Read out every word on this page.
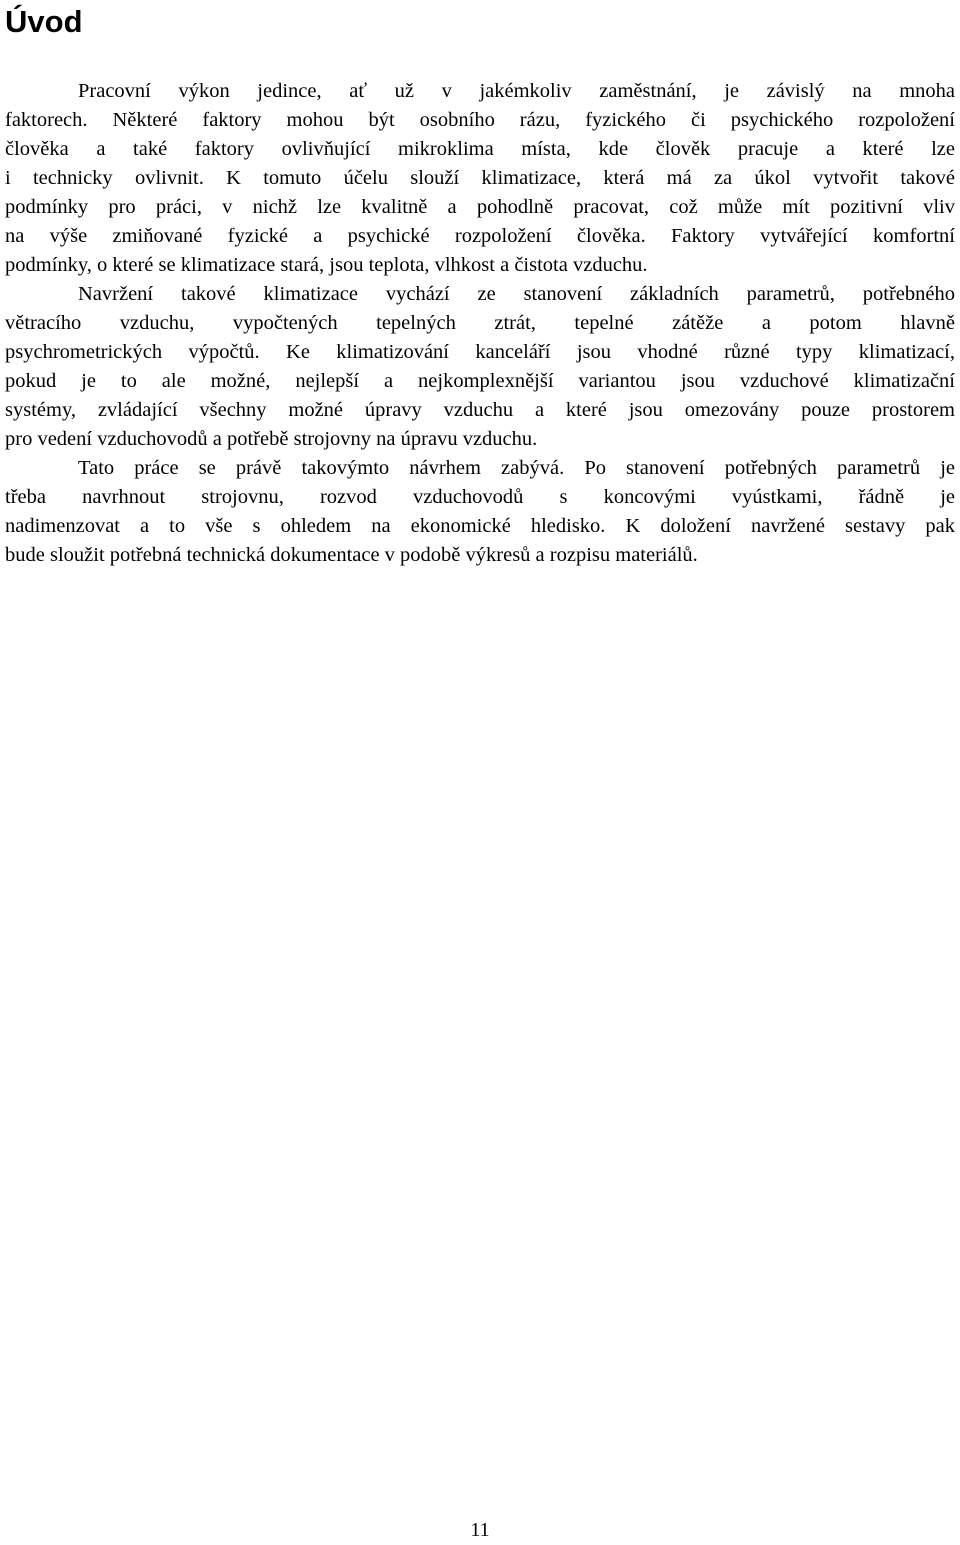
Úvod
Pracovní výkon jedince, ať už v jakémkoliv zaměstnání, je závislý na mnoha
faktorech. Některé faktory mohou být osobního rázu, fyzického či psychického rozpoložení
člověka a také faktory ovlivňující mikroklima místa, kde člověk pracuje a které lze
i technicky ovlivnit. K tomuto účelu slouží klimatizace, která má za úkol vytvořit takové
podmínky pro práci, v nichž lze kvalitně a pohodlně pracovat, což může mít pozitivní vliv
na výše zmiňované fyzické a psychické rozpoložení člověka. Faktory vytvářející komfortní
podmínky, o které se klimatizace stará, jsou teplota, vlhkost a čistota vzduchu.
Navržení takové klimatizace vychází ze stanovení základních parametrů, potřebného
větracího vzduchu, vypočtených tepelných ztrát, tepelné zátěže a potom hlavně
psychrometrických výpočtů. Ke klimatizování kanceláří jsou vhodné různé typy klimatizací,
pokud je to ale možné, nejlepší a nejkomplexnější variantou jsou vzduchové klimatizační
systémy, zvládající všechny možné úpravy vzduchu a které jsou omezovány pouze prostorem
pro vedení vzduchovodů a potřebě strojovny na úpravu vzduchu.
Tato práce se právě takovýmto návrhem zabývá. Po stanovení potřebných parametrů je
třeba navrhnout strojovnu, rozvod vzduchovodů s koncovými vyústkami, řádně je
nadimenzovat a to vše s ohledem na ekonomické hledisko. K doložení navržené sestavy pak
bude sloužit potřebná technická dokumentace v podobě výkresů a rozpisu materiálů.
11
